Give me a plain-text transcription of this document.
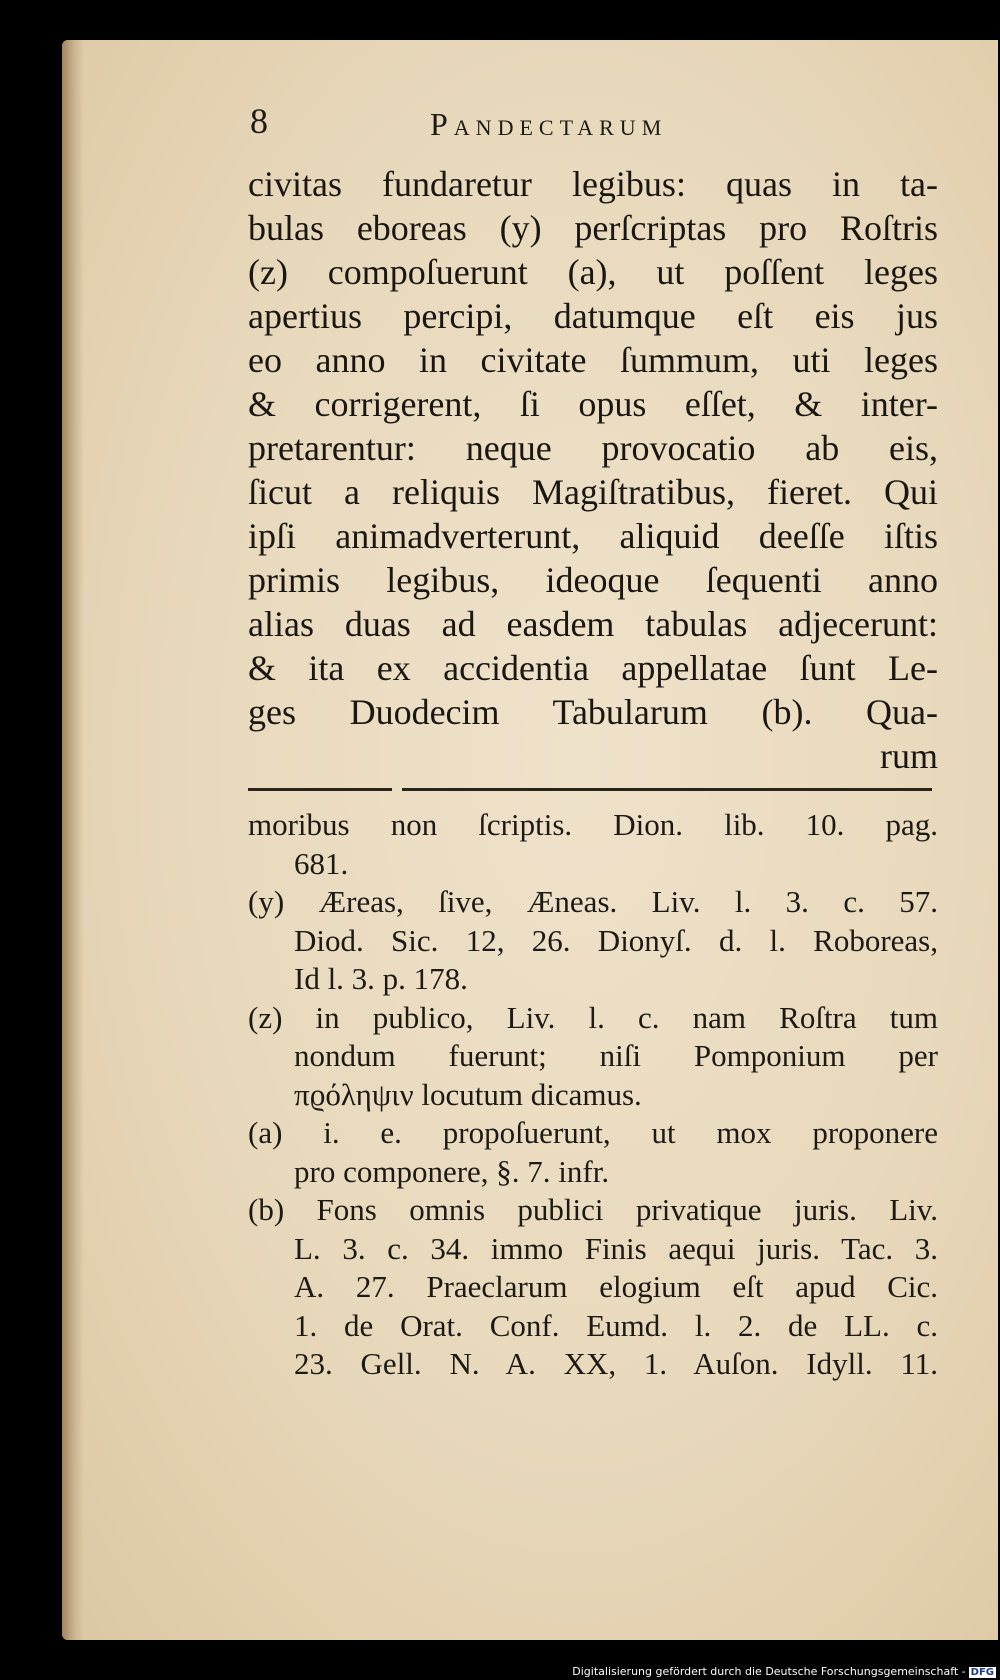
8	Pandectarum
civitas fundaretur legibus: quas in ta-
bulas eboreas (y) perſcriptas pro Roſtris
(z) compoſuerunt (a), ut poſſent leges
apertius percipi, datumque eſt eis jus
eo anno in civitate ſummum, uti leges
& corrigerent, ſi opus eſſet, & inter-
pretarentur: neque provocatio ab eis,
ſicut a reliquis Magiſtratibus, fieret. Qui
ipſi animadverterunt, aliquid deeſſe iſtis
primis legibus, ideoque ſequenti anno
alias duas ad easdem tabulas adjecerunt:
& ita ex accidentia appellatae ſunt Le-
ges Duodecim Tabularum (b). Qua-
rum
moribus non ſcriptis. Dion. lib. 10. pag.
681.
(y) Æreas, ſive, Æneas. Liv. l. 3. c. 57.
Diod. Sic. 12, 26. Dionyſ. d. l. Roboreas,
Id l. 3. p. 178.
(z) in publico, Liv. l. c. nam Roſtra tum
nondum fuerunt; niſi Pomponium per
πϱόληψιν locutum dicamus.
(a) i. e. propoſuerunt, ut mox proponere
pro componere, §. 7. infr.
(b) Fons omnis publici privatique juris. Liv.
L. 3. c. 34. immo Finis aequi juris. Tac. 3.
A. 27. Praeclarum elogium eſt apud Cic.
1. de Orat. Conf. Eumd. l. 2. de LL. c.
23. Gell. N. A. XX, 1. Auſon. Idyll. 11.
Digitalisierung gefördert durch die Deutsche Forschungsgemeinschaft - DFG
